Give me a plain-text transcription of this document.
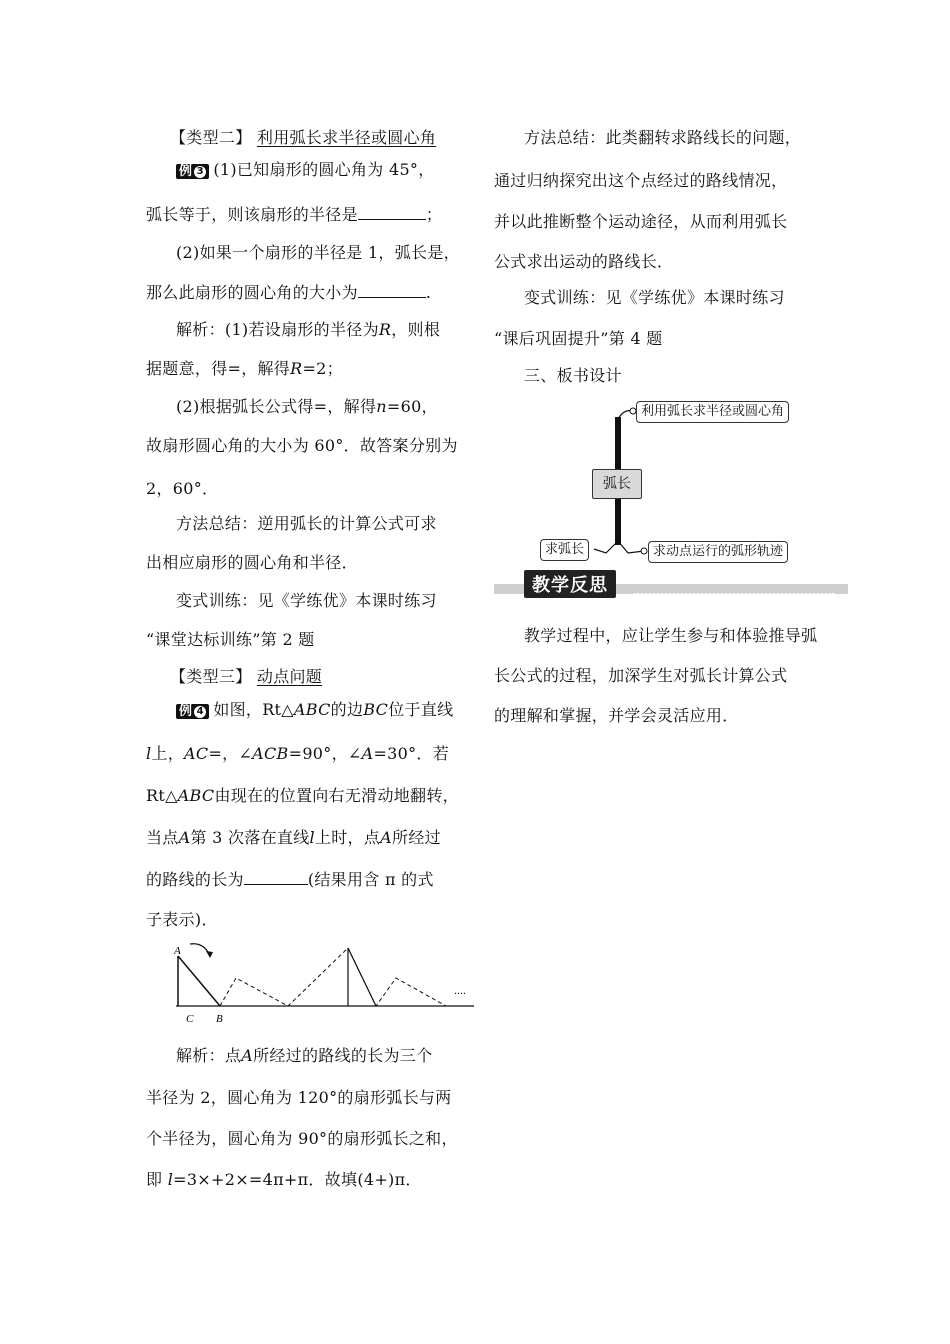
【类型二】 利用弧长求半径或圆心角
例 3 (1)已知扇形的圆心角为 45°，
弧长等于，则该扇形的半径是	；
(2)如果一个扇形的半径是 1，弧长是，
那么此扇形的圆心角的大小为	.
解析：(1)若设扇形的半径为R，则根
据题意，得=，解得R=2；
(2)根据弧长公式得=，解得n=60，
故扇形圆心角的大小为 60°．故答案分别为
2，60°．
方法总结：逆用弧长的计算公式可求
出相应扇形的圆心角和半径．
变式训练：见《学练优》本课时练习
“课堂达标训练”第 2 题
【类型三】 动点问题
例 4 如图，Rt△ABC的边BC位于直线
l上，AC=，∠ACB=90°，∠A=30°．若
Rt△ABC由现在的位置向右无滑动地翻转，
当点A第 3 次落在直线l上时，点A所经过
的路线的长为	(结果用含 π 的式
子表示)．
解析：点A所经过的路线的长为三个
半径为 2，圆心角为 120°的扇形弧长与两
个半径为，圆心角为 90°的扇形弧长之和，
即 l=3×+2×=4π+π．故填(4+)π．
A
C B
....
方法总结：此类翻转求路线长的问题，
通过归纳探究出这个点经过的路线情况，
并以此推断整个运动途径，从而利用弧长
公式求出运动的路线长．
变式训练：见《学练优》本课时练习
“课后巩固提升”第 4 题
三、板书设计
教学过程中，应让学生参与和体验推导弧
长公式的过程，加深学生对弧长计算公式
的理解和掌握，并学会灵活应用．
弧长
利用弧长求半径或圆心角
求弧长	求动点运行的弧形轨迹
教学反思
